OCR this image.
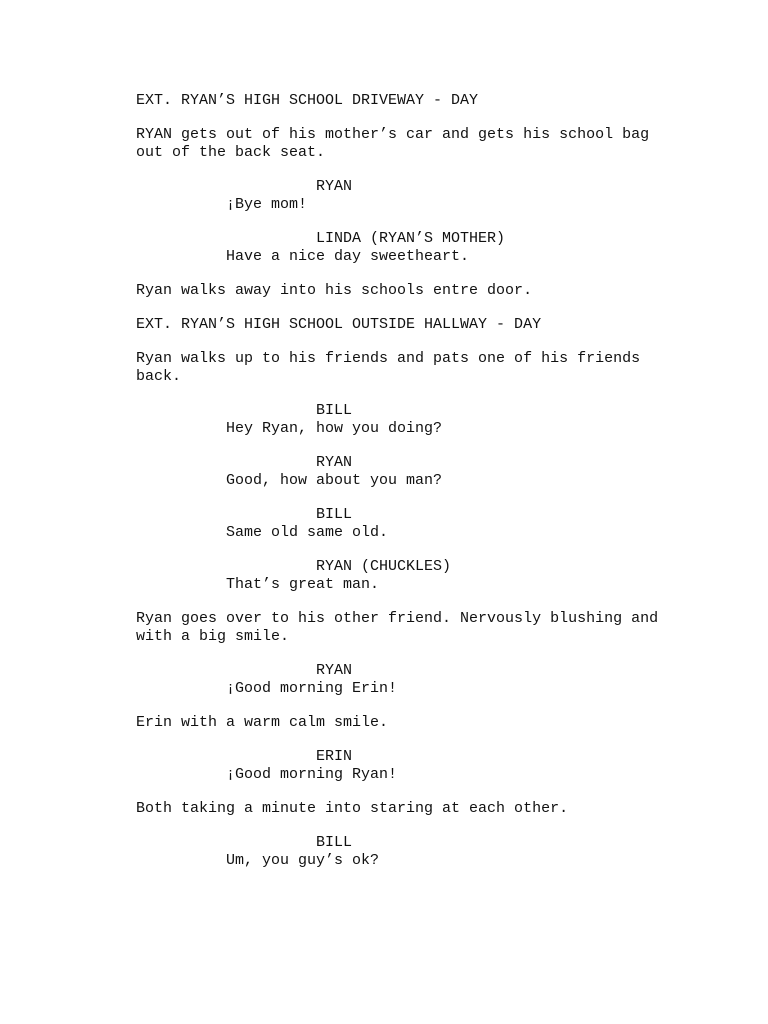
EXT. RYAN’S HIGH SCHOOL DRIVEWAY - DAY
RYAN gets out of his mother’s car and gets his school bag
out of the back seat.
RYAN
¡Bye mom!
LINDA (RYAN’S MOTHER)
Have a nice day sweetheart.
Ryan walks away into his schools entre door.
EXT. RYAN’S HIGH SCHOOL OUTSIDE HALLWAY - DAY
Ryan walks up to his friends and pats one of his friends
back.
BILL
Hey Ryan, how you doing?
RYAN
Good, how about you man?
BILL
Same old same old.
RYAN (CHUCKLES)
That’s great man.
Ryan goes over to his other friend. Nervously blushing and
with a big smile.
RYAN
¡Good morning Erin!
Erin with a warm calm smile.
ERIN
¡Good morning Ryan!
Both taking a minute into staring at each other.
BILL
Um, you guy’s ok?
